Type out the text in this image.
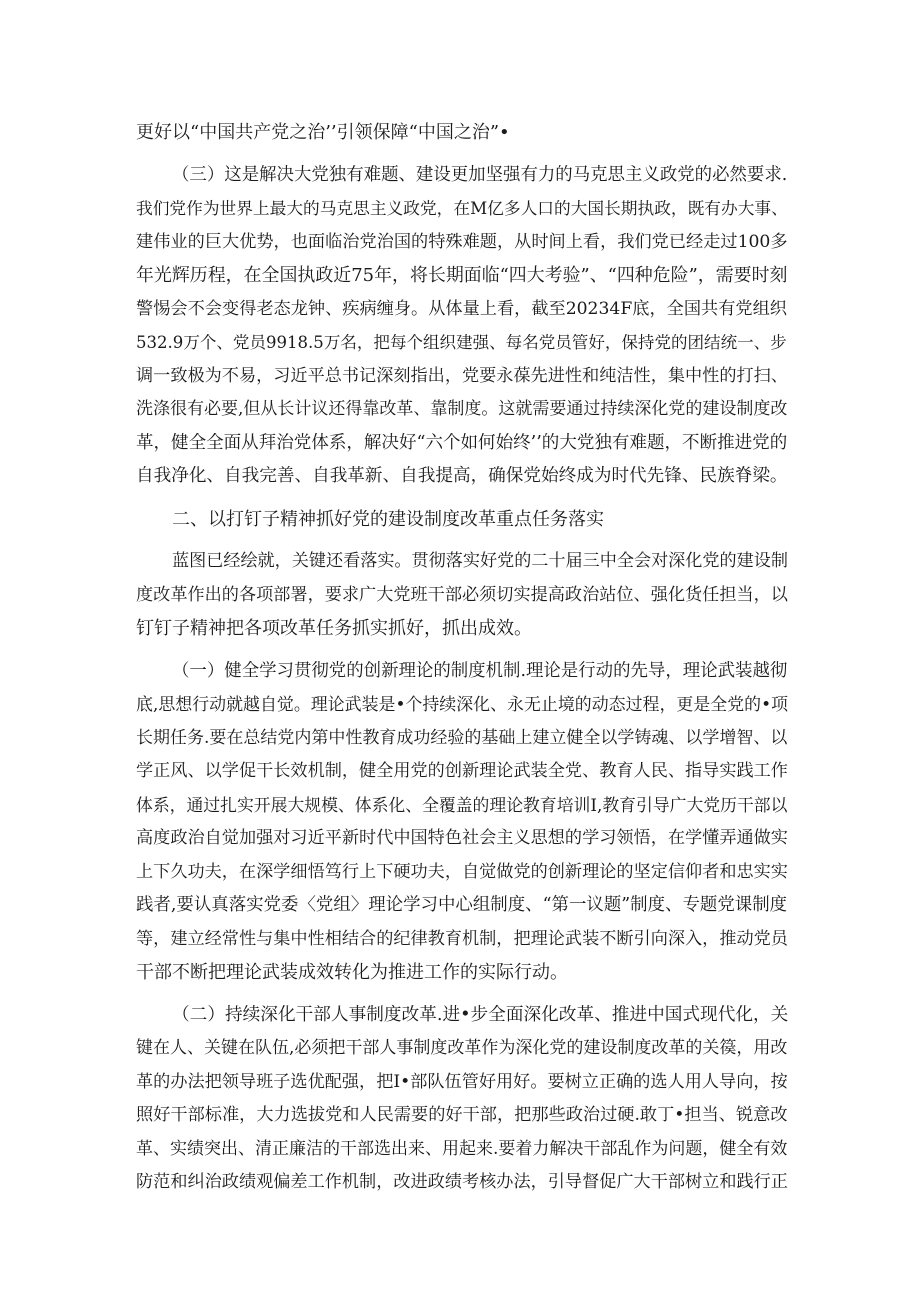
更好以“中国共产党之治’’引领保障“中国之治”•
（三）这是解决大党独有难题、建设更加坚强有力的马克思主义政党的必然要求.
我们党作为世界上最大的马克思主义政党，在M亿多人口的大国长期执政，既有办大事、
建伟业的巨大优势，也面临治党治国的特殊难题，从时间上看，我们党已经走过100多
年光辉历程，在全国执政近75年，将长期面临“四大考验”、“四种危险”，需要时刻
警惕会不会变得老态龙钟、疾病缠身。从体量上看，截至20234F底，全国共有党组织
532.9万个、党员9918.5万名，把每个组织建强、每名党员管好，保持党的团结统一、步
调一致极为不易，习近平总书记深刻指出，党要永葆先进性和纯洁性，集中性的打扫、
洗涤很有必要,但从长计议还得靠改革、靠制度。这就需要通过持续深化党的建设制度改
革，健全全面从拜治党体系，解决好“六个如何始终’’的大党独有难题，不断推进党的
自我净化、自我完善、自我革新、自我提高，确保党始终成为时代先锋、民族脊梁。
二、以打钉子精神抓好党的建设制度改革重点任务落实
蓝图已经绘就，关键还看落实。贯彻落实好党的二十届三中全会对深化党的建设制
度改革作出的各项部署，要求广大党班干部必须切实提高政治站位、强化货任担当，以
钉钉子精神把各项改革任务抓实抓好，抓出成效。
（一）健全学习贯彻党的创新理论的制度机制.理论是行动的先导，理论武装越彻
底,思想行动就越自觉。理论武装是•个持续深化、永无止境的动态过程，更是全党的•项
长期任务.要在总结党内第中性教育成功经验的基础上建立健全以学铸魂、以学增智、以
学正风、以学促干长效机制，健全用党的创新理论武装全党、教育人民、指导实践工作
体系，通过扎实开展大规模、体系化、全覆盖的理论教育培训I,教育引导广大党历干部以
高度政治自觉加强对习近平新时代中国特色社会主义思想的学习领悟，在学懂弄通做实
上下久功夫，在深学细悟笃行上下硬功夫，自觉做党的创新理论的坚定信仰者和忠实实
践者,要认真落实党委〈党组〉理论学习中心组制度、“第一议题”制度、专题党课制度
等，建立经常性与集中性相结合的纪律教育机制，把理论武装不断引向深入，推动党员
干部不断把理论武装成效转化为推进工作的实际行动。
（二）持续深化干部人事制度改革.进•步全面深化改革、推进中国式现代化，关
键在人、关键在队伍,必须把干部人事制度改革作为深化党的建设制度改革的关篌，用改
革的办法把领导班子选优配强，把I•部队伍管好用好。要树立正确的选人用人导向，按
照好干部标准，大力选拔党和人民需要的好干部，把那些政治过硬.敢丁•担当、锐意改
革、实绩突出、清正廉洁的干部选出来、用起来.要着力解决干部乱作为问题，健全有效
防范和纠治政绩观偏差工作机制，改进政绩考核办法，引导督促广大干部树立和践行正
